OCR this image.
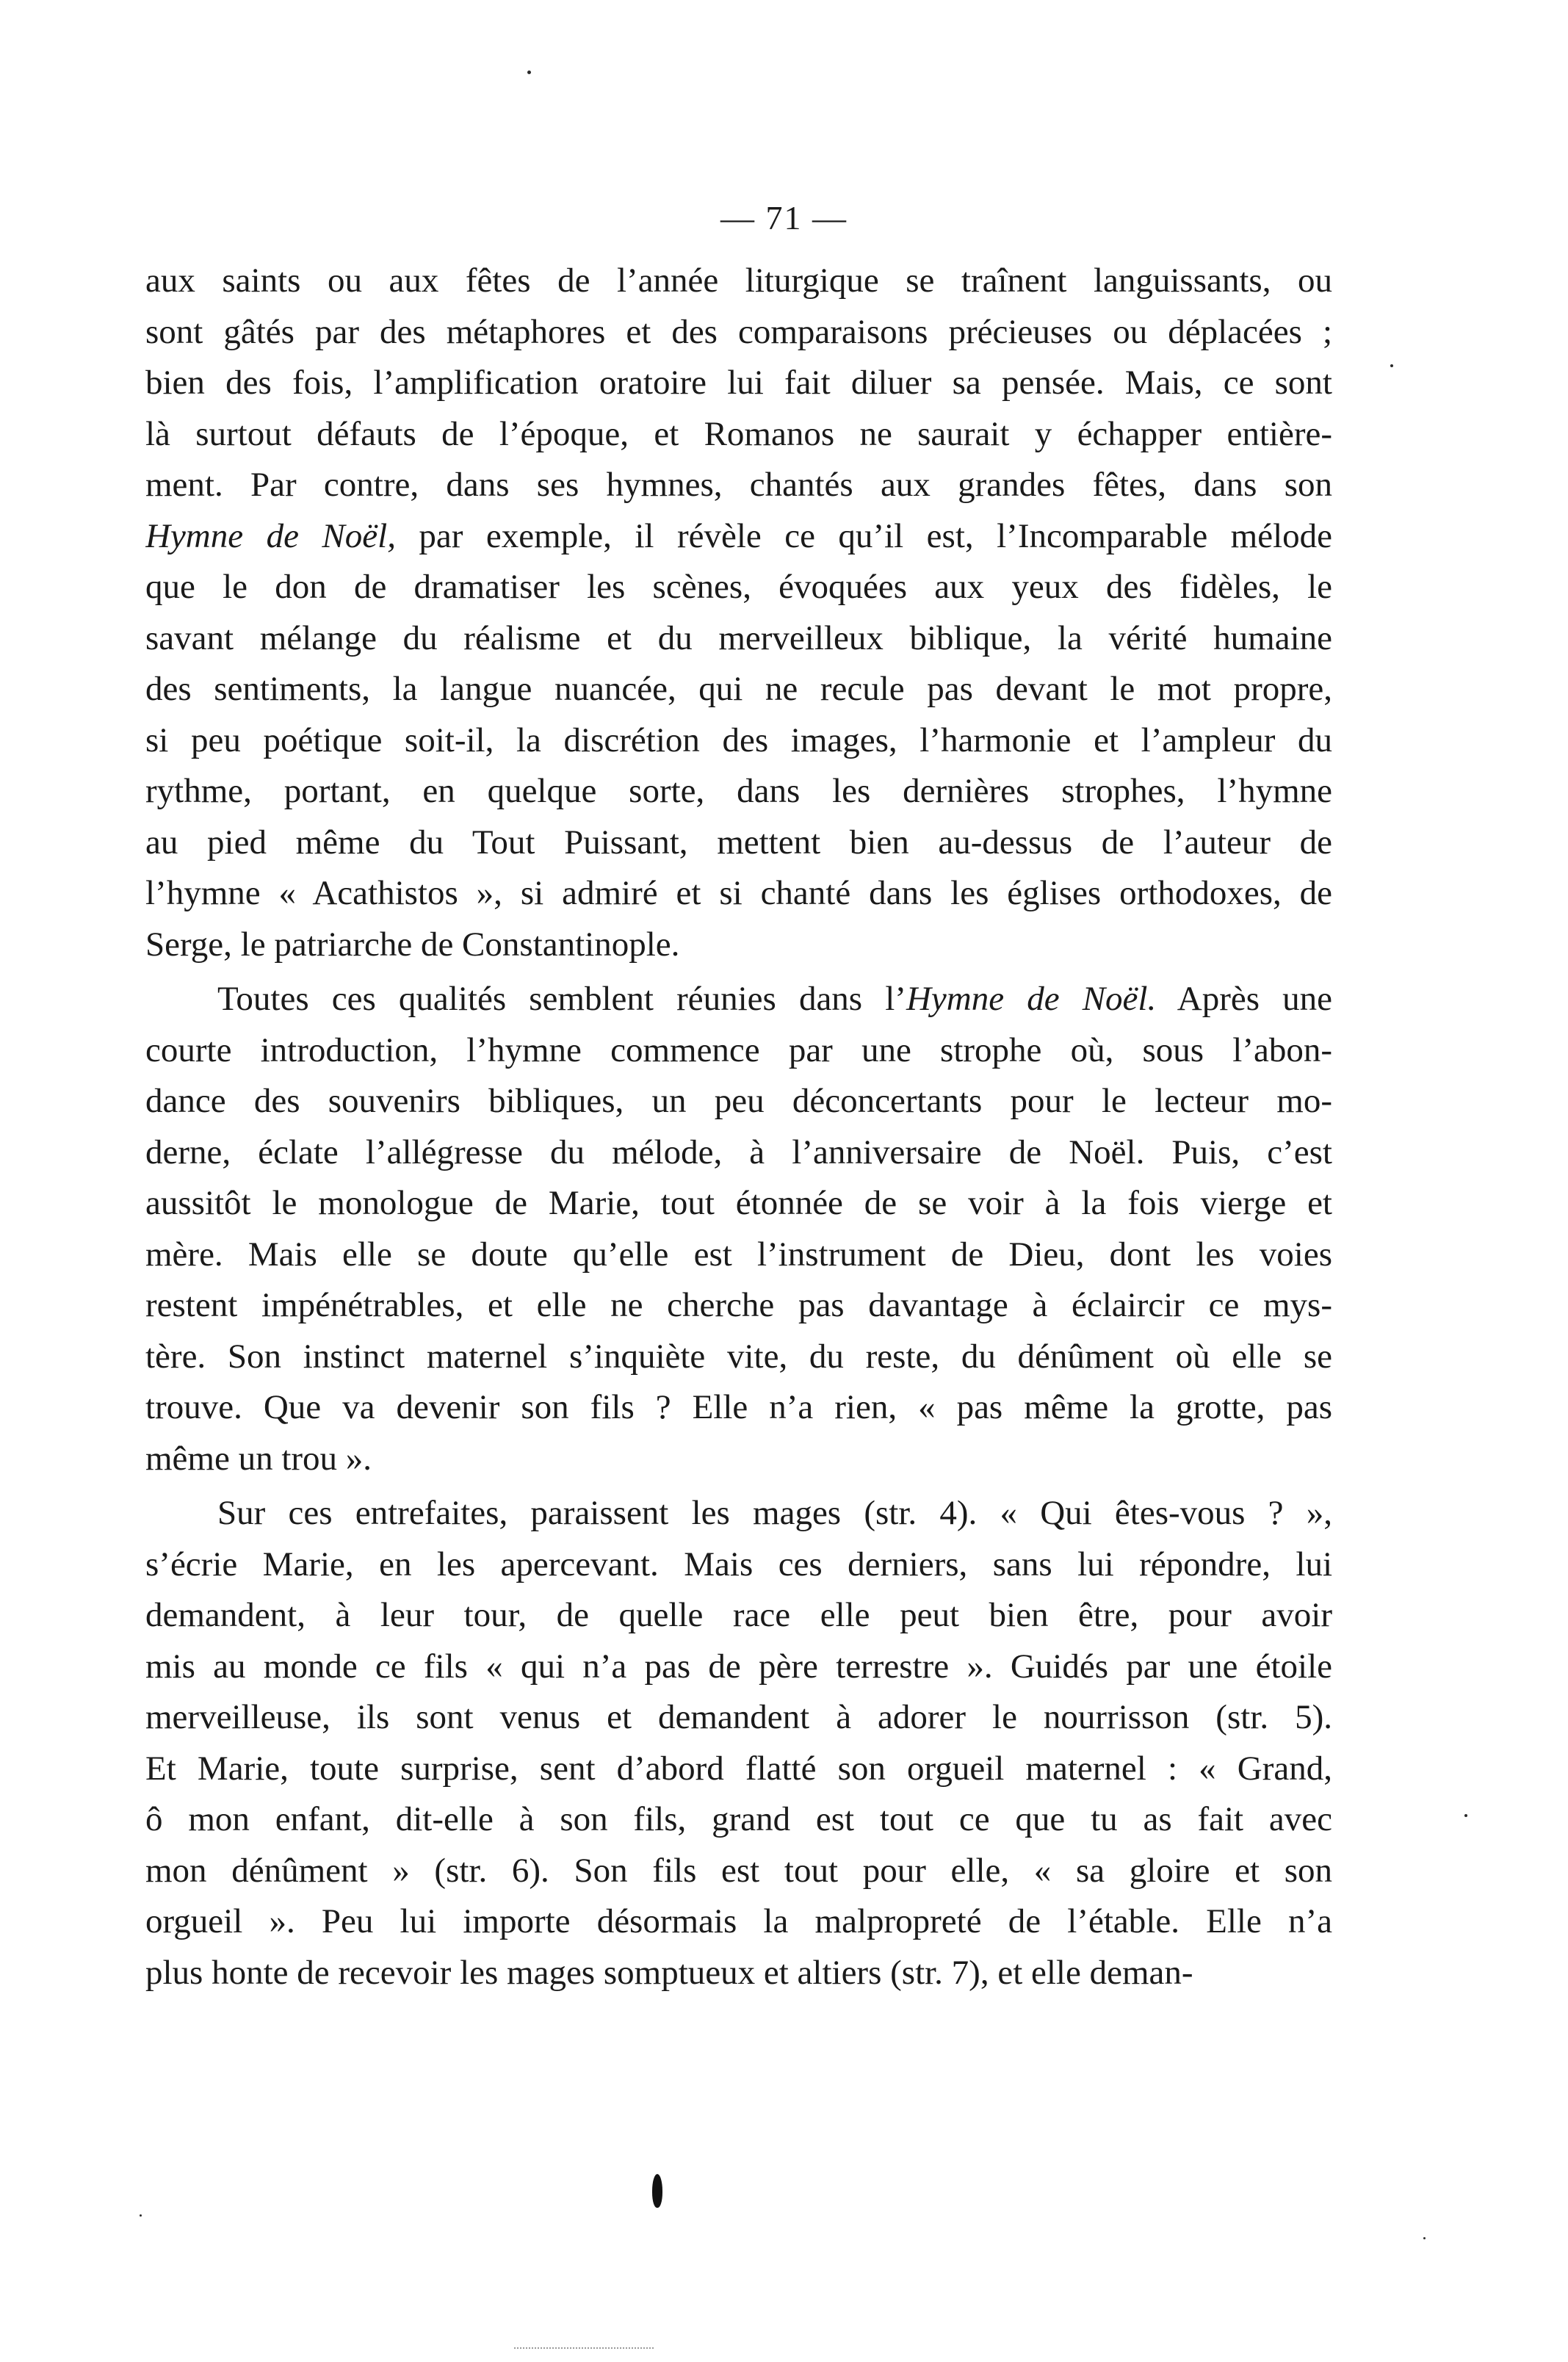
— 71 —
aux saints ou aux fêtes de l’année liturgique se traînent languissants, ou
sont gâtés par des métaphores et des comparaisons précieuses ou déplacées ;
bien des fois, l’amplification oratoire lui fait diluer sa pensée. Mais, ce sont
là surtout défauts de l’époque, et Romanos ne saurait y échapper entière-
ment. Par contre, dans ses hymnes, chantés aux grandes fêtes, dans son
Hymne de Noël, par exemple, il révèle ce qu’il est, l’Incomparable mélode
que le don de dramatiser les scènes, évoquées aux yeux des fidèles, le
savant mélange du réalisme et du merveilleux biblique, la vérité humaine
des sentiments, la langue nuancée, qui ne recule pas devant le mot propre,
si peu poétique soit-il, la discrétion des images, l’harmonie et l’ampleur du
rythme, portant, en quelque sorte, dans les dernières strophes, l’hymne
au pied même du Tout Puissant, mettent bien au-dessus de l’auteur de
l’hymne « Acathistos », si admiré et si chanté dans les églises orthodoxes, de
Serge, le patriarche de Constantinople.
Toutes ces qualités semblent réunies dans l’Hymne de Noël. Après une
courte introduction, l’hymne commence par une strophe où, sous l’abon-
dance des souvenirs bibliques, un peu déconcertants pour le lecteur mo-
derne, éclate l’allégresse du mélode, à l’anniversaire de Noël. Puis, c’est
aussitôt le monologue de Marie, tout étonnée de se voir à la fois vierge et
mère. Mais elle se doute qu’elle est l’instrument de Dieu, dont les voies
restent impénétrables, et elle ne cherche pas davantage à éclaircir ce mys-
tère. Son instinct maternel s’inquiète vite, du reste, du dénûment où elle se
trouve. Que va devenir son fils ? Elle n’a rien, « pas même la grotte, pas
même un trou ».
Sur ces entrefaites, paraissent les mages (str. 4). « Qui êtes-vous ? »,
s’écrie Marie, en les apercevant. Mais ces derniers, sans lui répondre, lui
demandent, à leur tour, de quelle race elle peut bien être, pour avoir
mis au monde ce fils « qui n’a pas de père terrestre ». Guidés par une étoile
merveilleuse, ils sont venus et demandent à adorer le nourrisson (str. 5).
Et Marie, toute surprise, sent d’abord flatté son orgueil maternel : « Grand,
ô mon enfant, dit-elle à son fils, grand est tout ce que tu as fait avec
mon dénûment » (str. 6). Son fils est tout pour elle, « sa gloire et son
orgueil ». Peu lui importe désormais la malpropreté de l’étable. Elle n’a
plus honte de recevoir les mages somptueux et altiers (str. 7), et elle deman-
